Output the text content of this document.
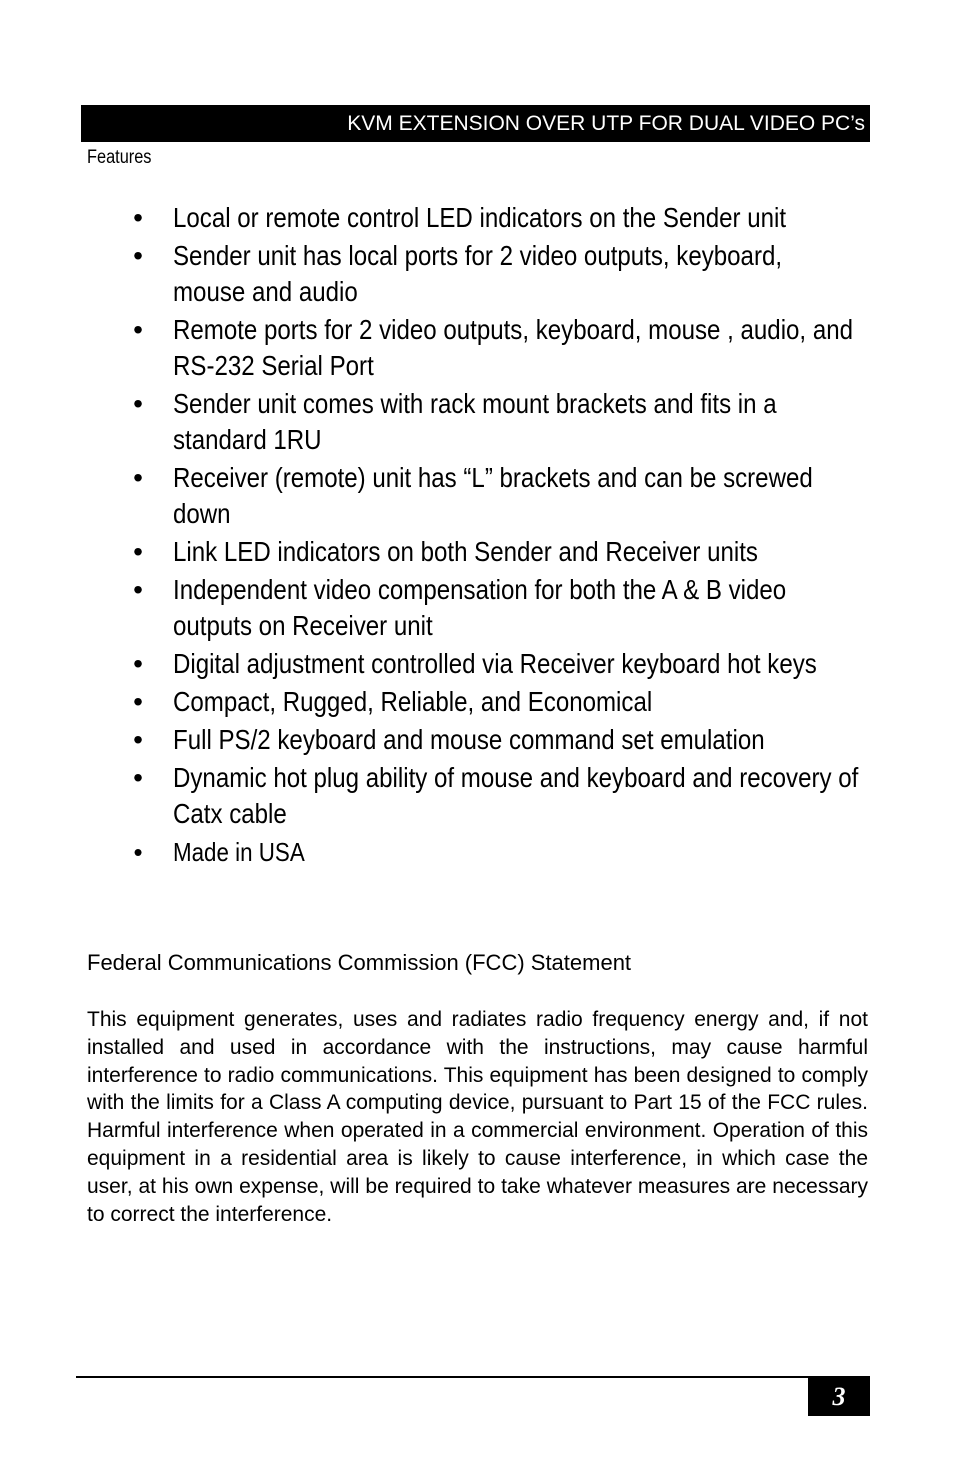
KVM EXTENSION OVER UTP FOR DUAL VIDEO PC’s
Features
• Local or remote control LED indicators on the Sender unit
• Sender unit has local ports for 2 video outputs, keyboard, mouse and audio
• Remote ports for 2 video outputs, keyboard, mouse , audio, and RS-232 Serial Port
• Sender unit comes with rack mount brackets and fits in a standard 1RU
• Receiver (remote) unit has “L” brackets and can be screwed down
• Link LED indicators on both Sender and Receiver units
• Independent video compensation for both the A & B video outputs on Receiver unit
• Digital adjustment controlled via Receiver keyboard hot keys
• Compact, Rugged, Reliable, and Economical
• Full PS/2 keyboard and mouse command set emulation
• Dynamic hot plug ability of mouse and keyboard and recovery of Catx cable
• Made in USA
Federal Communications Commission (FCC) Statement

This equipment generates, uses and radiates radio frequency energy and, if not installed and used in accordance with the instructions, may cause harmful interference to radio communications. This equipment has been designed to comply with the limits for a Class A computing device, pursuant to Part 15 of the FCC rules. Harmful interference when operated in a commercial environment. Operation of this equipment in a residential area is likely to cause interference, in which case the user, at his own expense, will be required to take whatever measures are necessary to correct the interference.

3
